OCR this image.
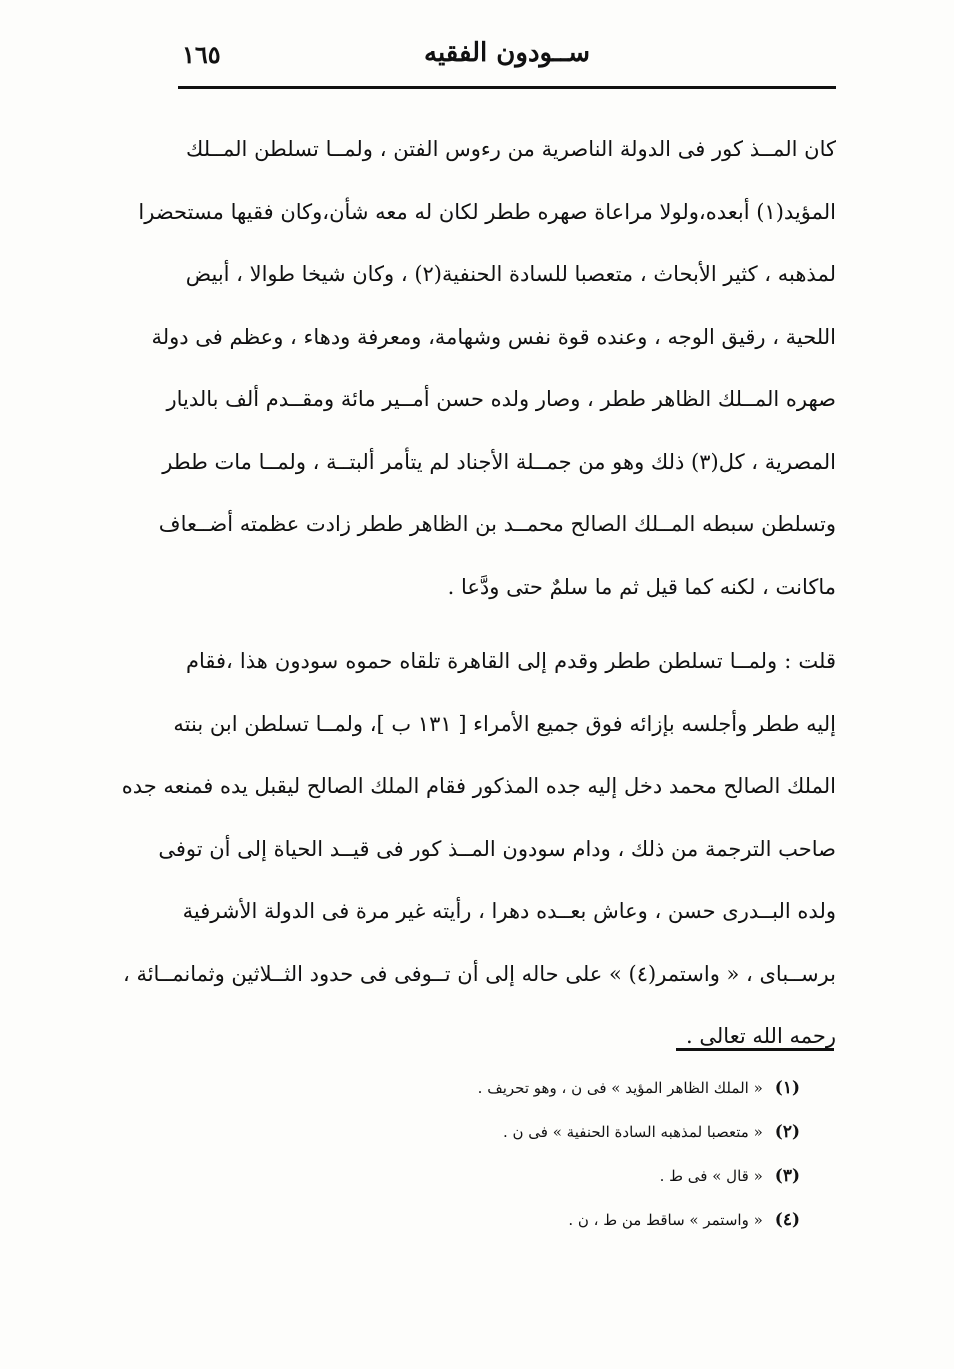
ســودون الفقيه
١٦٥

كان المــذ كور فى الدولة الناصرية من رءوس الفتن ، ولمــا تسلطن المــلك
المؤيد(١) أبعده،ولولا مراعاة صهره ططر لكان له معه شأن،وكان فقيها مستحضرا
لمذهبه ، كثير الأبحاث ، متعصبا للسادة الحنفية(٢) ، وكان شيخا طوالا ، أبيض
اللحية ، رقيق الوجه ، وعنده قوة نفس وشهامة، ومعرفة ودهاء ، وعظم فى دولة
صهره المــلك الظاهر ططر ، وصار ولده حسن أمــير مائة ومقــدم ألف بالديار
المصرية ، كل(٣) ذلك وهو من جمــلة الأجناد لم يتأمر ألبتــة ، ولمــا مات ططر
وتسلطن سبطه المــلك الصالح محمــد بن الظاهر ططر زادت عظمته أضــعاف
ماكانت ، لكنه كما قيل ثم ما سلمٌ حتى ودَّعا .

قلت : ولمــا تسلطن ططر وقدم إلى القاهرة تلقاه حموه سودون هذا ،فقام
إليه ططر وأجلسه بإزائه فوق جميع الأمراء [ ١٣١ ب ]، ولمــا تسلطن ابن بنته
الملك الصالح محمد دخل إليه جده المذكور فقام الملك الصالح ليقبل يده فمنعه جده
صاحب الترجمة من ذلك ، ودام سودون المــذ كور فى قيــد الحياة إلى أن توفى
ولده البــدرى حسن ، وعاش بعــده دهرا ، رأيته غير مرة فى الدولة الأشرفية
برســباى ، « واستمر(٤) » على حاله إلى أن تــوفى فى حدود الثــلاثين وثمانمــائة ،
رحمه الله تعالى .

(١)« الملك الظاهر المؤيد » فى ن ، وهو تحريف .
(٢)« متعصبا لمذهبه السادة الحنفية » فى ن .
(٣)« قال » فى ط .
(٤)« واستمر » ساقط من ط ، ن .
